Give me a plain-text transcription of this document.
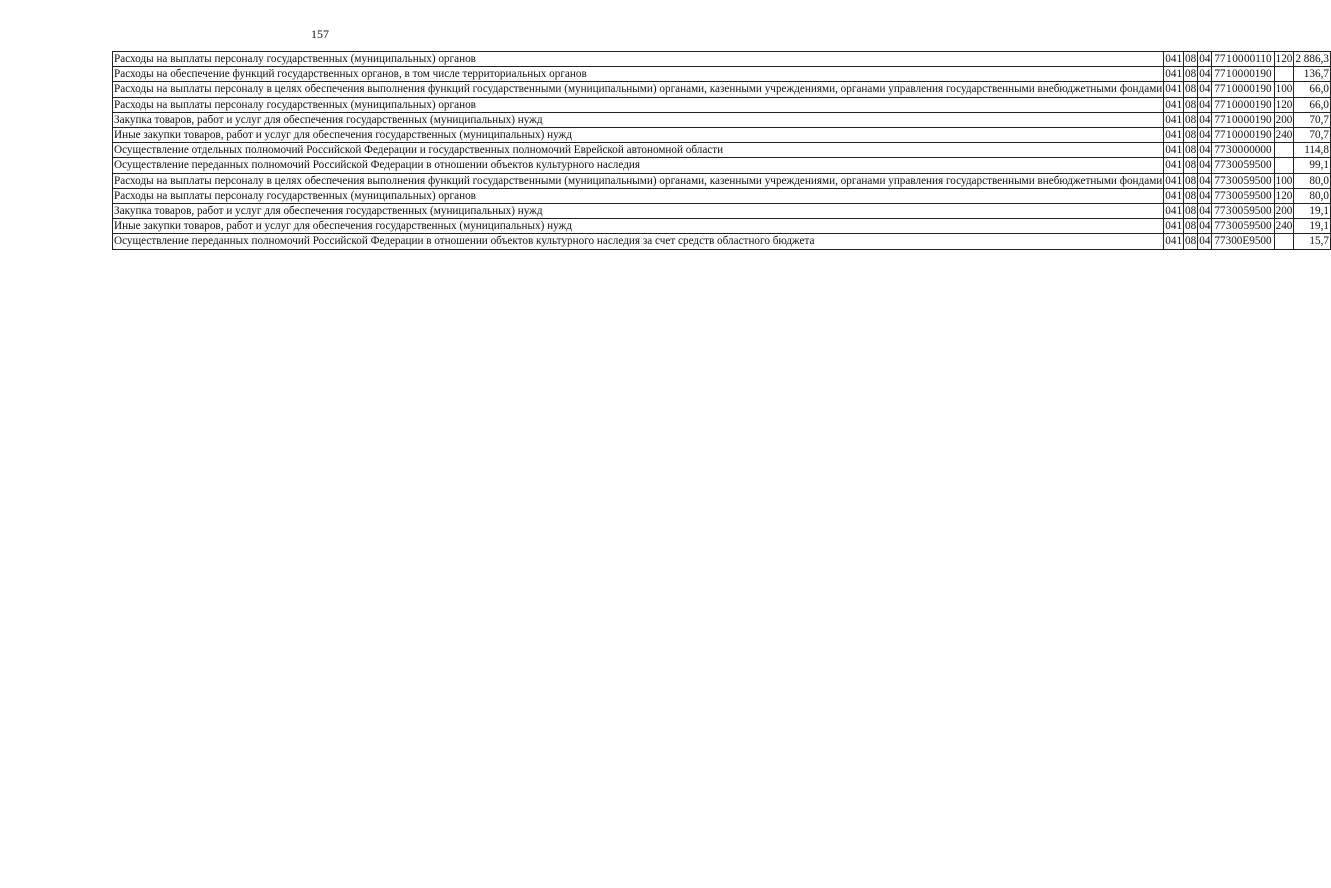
157
Расходы на выплаты персоналу государственных (муниципальных) органов	041	08	04	77 1 00 00110	120	2 886,3
Расходы на обеспечение функций государственных органов, в том числе территориальных органов	041	08	04	77 1 00 00190		136,7
Расходы на выплаты персоналу в целях обеспечения выполнения функций государственными (муниципальными) органами, казенными учреждениями, органами управления государственными внебюджетными фондами	041	08	04	77 1 00 00190	100	66,0
Расходы на выплаты персоналу государственных (муниципальных) органов	041	08	04	77 1 00 00190	120	66,0
Закупка товаров, работ и услуг для обеспечения государственных (муниципальных) нужд	041	08	04	77 1 00 00190	200	70,7
Иные закупки товаров, работ и услуг для обеспечения государственных (муниципальных) нужд	041	08	04	77 1 00 00190	240	70,7
Осуществление отдельных полномочий Российской Федерации и государственных полномочий Еврейской автономной области	041	08	04	77 3 00 00000		114,8
Осуществление переданных полномочий Российской Федерации в отношении объектов культурного наследия	041	08	04	77 3 00 59500		99,1
Расходы на выплаты персоналу в целях обеспечения выполнения функций государственными (муниципальными) органами, казенными учреждениями, органами управления государственными внебюджетными фондами	041	08	04	77 3 00 59500	100	80,0
Расходы на выплаты персоналу государственных (муниципальных) органов	041	08	04	77 3 00 59500	120	80,0
Закупка товаров, работ и услуг для обеспечения государственных (муниципальных) нужд	041	08	04	77 3 00 59500	200	19,1
Иные закупки товаров, работ и услуг для обеспечения государственных (муниципальных) нужд	041	08	04	77 3 00 59500	240	19,1
Осуществление переданных полномочий Российской Федерации в отношении объектов культурного наследия за счет средств областного бюджета	041	08	04	77 3 00 E9500		15,7
